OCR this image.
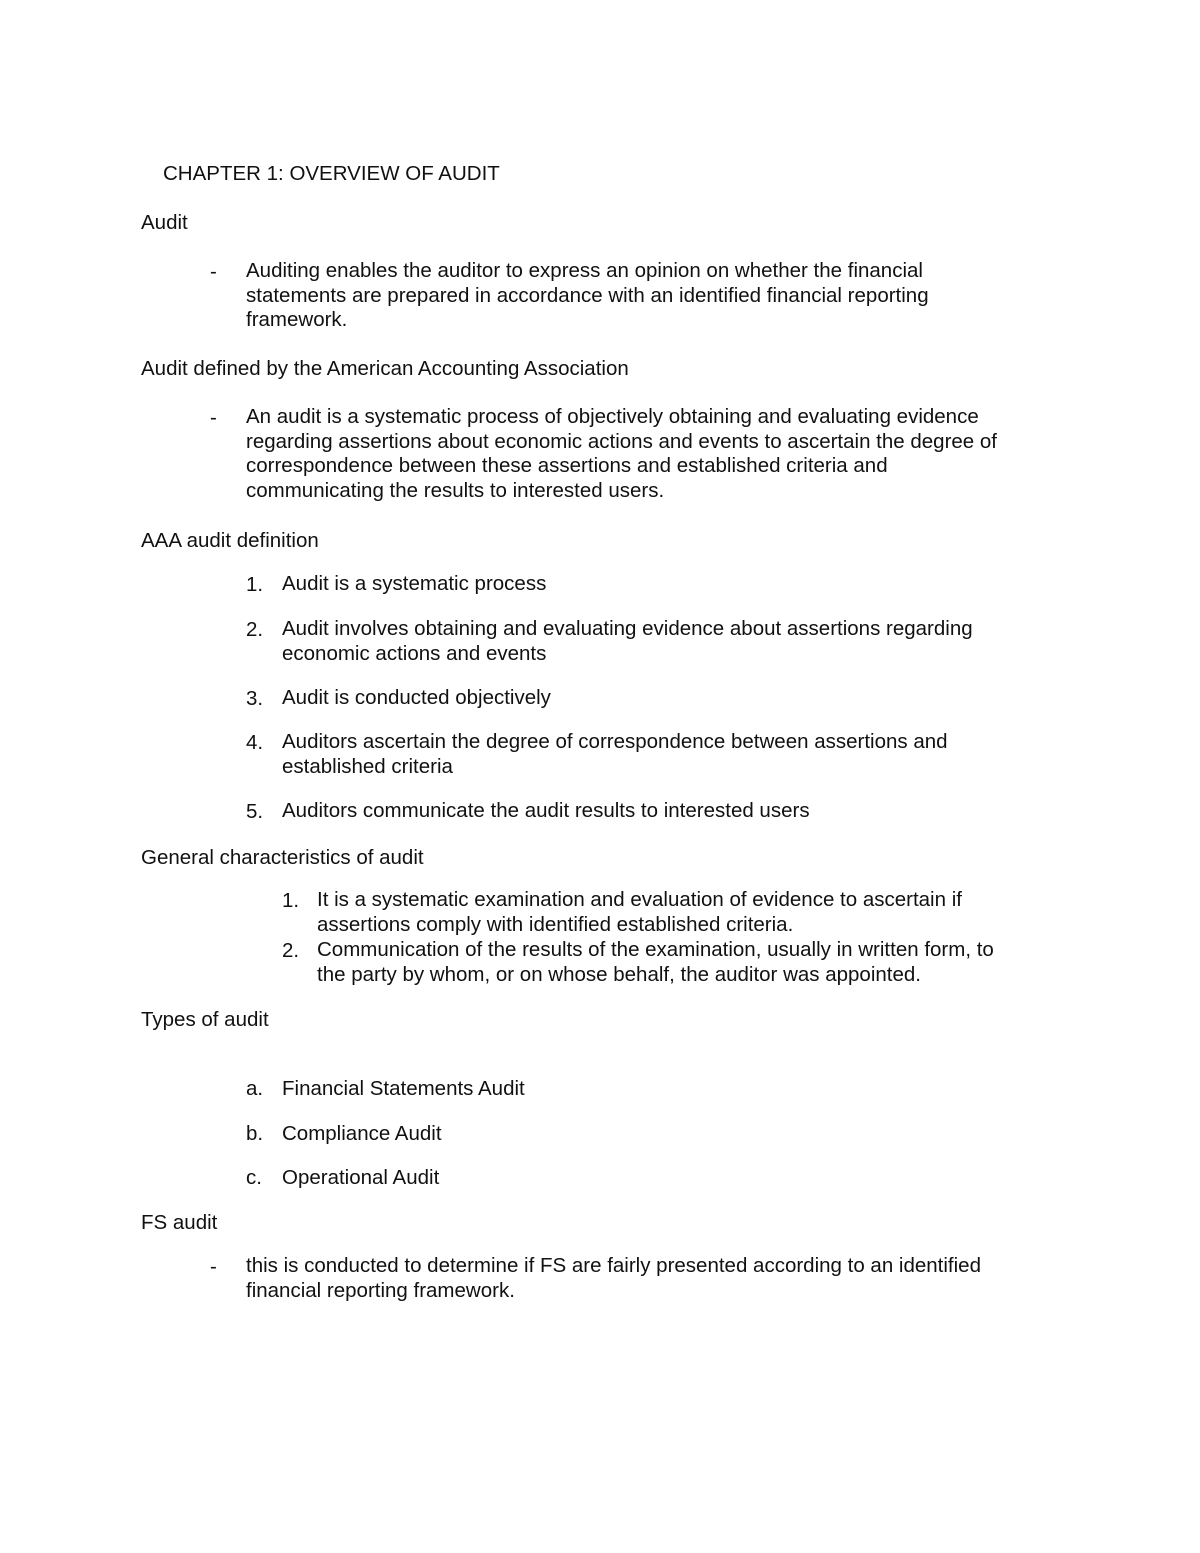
CHAPTER 1: OVERVIEW OF AUDIT
Audit
- Auditing enables the auditor to express an opinion on whether the financial
statements are prepared in accordance with an identified financial reporting
framework.
Audit defined by the American Accounting Association
- An audit is a systematic process of objectively obtaining and evaluating evidence
regarding assertions about economic actions and events to ascertain the degree of
correspondence between these assertions and established criteria and
communicating the results to interested users.
AAA audit definition
1. Audit is a systematic process
2. Audit involves obtaining and evaluating evidence about assertions regarding
economic actions and events
3. Audit is conducted objectively
4. Auditors ascertain the degree of correspondence between assertions and
established criteria
5. Auditors communicate the audit results to interested users
General characteristics of audit
1. It is a systematic examination and evaluation of evidence to ascertain if
assertions comply with identified established criteria.
2. Communication of the results of the examination, usually in written form, to
the party by whom, or on whose behalf, the auditor was appointed.
Types of audit
a. Financial Statements Audit
b. Compliance Audit
c. Operational Audit
FS audit
- this is conducted to determine if FS are fairly presented according to an identified
financial reporting framework.
